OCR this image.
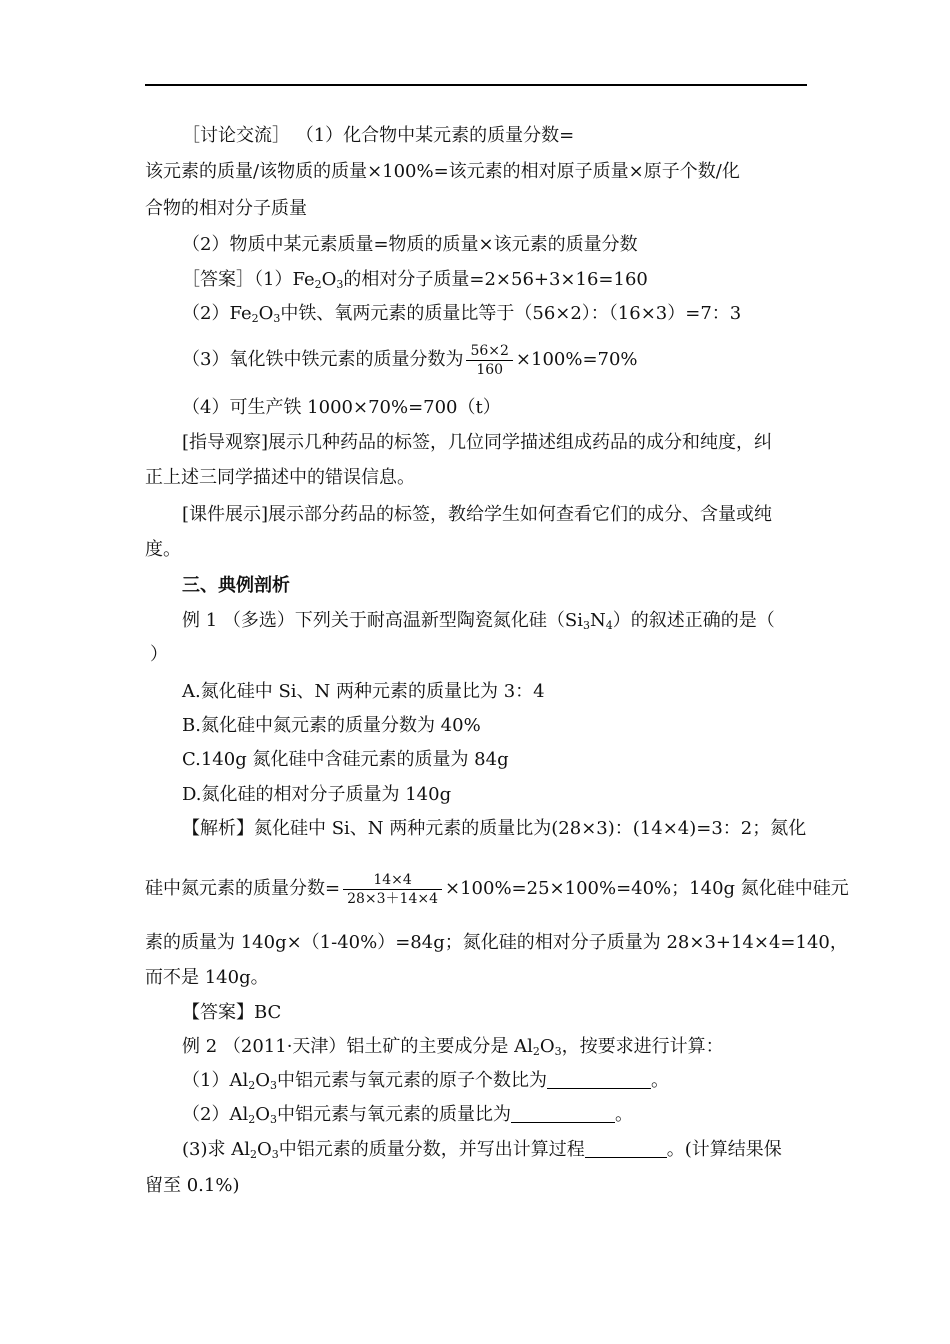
［讨论交流］ （1）化合物中某元素的质量分数=
该元素的质量/该物质的质量×100%=该元素的相对原子质量×原子个数/化
合物的相对分子质量
（2）物质中某元素质量=物质的质量×该元素的质量分数
［答案$](1)Fe_2O_3$的相对分子质量=2×56+3×16=160
$(2)Fe_2O_3$中铁、氧两元素的质量比等于（56×2）：（16×3）=7：3
（3）氧化铁中铁元素的质量分数为 $\frac{56\times 2}{160} \times 100\%=70\%$
（4）可生产铁 1000×70%=700（t）
[指导观察]展示几种药品的标签，几位同学描述组成药品的成分和纯度，纠
正上述三同学描述中的错误信息。
[课件展示]展示部分药品的标签，教给学生如何查看它们的成分、含量或纯
度。
三、典例剖析
例 1 （多选）下列关于耐高温新型陶瓷氮化硅$(Si_3N_4)$的叙述正确的是（
）
A.氮化硅中 Si、N 两种元素的质量比为 3：4
B.氮化硅中氮元素的质量分数为 40%
C.140g 氮化硅中含硅元素的质量为 84g
D.氮化硅的相对分子质量为 140g
【解析】氮化硅中 Si、N 两种元素的质量比为(28×3)：(14×4)=3：2；氮化
硅中氮元素的质量分数= $\frac{14\times 4}{28\times 3+14\times 4} \times 100\%=25\times 100\%=40\%$；140g 氮化硅中硅元
素的质量为 140g×（1-40%）=84g；氮化硅的相对分子质量为 28×3+14×4=140，
而不是 140g。
【答案】BC
例 2 （2011·天津）铝土矿的主要成分是 $Al_2O_3$，按要求进行计算：
$(1)Al_2O_3$中铝元素与氧元素的原子个数比为	。
$(2)Al_2O_3$中铝元素与氧元素的质量比为	。
(3)求 $Al_2O_3$中铝元素的质量分数，并写出计算过程	。(计算结果保
留至 0.1%)
